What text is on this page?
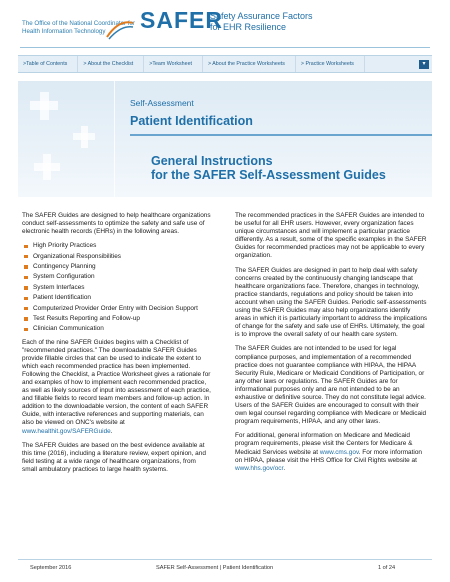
The Office of the National Coordinator for
Health Information Technology	SAFER
Safety Assurance Factors
for EHR Resilience
>Table of Contents	> About the Checklist	>Team Worksheet	> About the Practice Worksheets	> Practice Worksheets	▾
Self-Assessment
Patient Identification
General Instructions
for the SAFER Self-Assessment Guides

The SAFER Guides are designed to help healthcare organizations conduct self-assessments to optimize the safety and safe use of electronic health records (EHRs) in the following areas.

High Priority Practices
Organizational Responsibilities
Contingency Planning
System Configuration
System Interfaces
Patient Identification
Computerized Provider Order Entry with Decision Support
Test Results Reporting and Follow-up
Clinician Communication

Each of the nine SAFER Guides begins with a Checklist of "recommended practices." The downloadable SAFER Guides provide fillable circles that can be used to indicate the extent to which each recommended practice has been implemented. Following the Checklist, a Practice Worksheet gives a rationale for and examples of how to implement each recommended practice, as well as likely sources of input into assessment of each practice, and fillable fields to record team members and follow-up action. In addition to the downloadable version, the content of each SAFER Guide, with interactive references and supporting materials, can also be viewed on ONC's website at www.healthit.gov/SAFERGuide.

The SAFER Guides are based on the best evidence available at this time (2016), including a literature review, expert opinion, and field testing at a wide range of healthcare organizations, from small ambulatory practices to large health systems.

The recommended practices in the SAFER Guides are intended to be useful for all EHR users. However, every organization faces unique circumstances and will implement a particular practice differently. As a result, some of the specific examples in the SAFER Guides for recommended practices may not be applicable to every organization.

The SAFER Guides are designed in part to help deal with safety concerns created by the continuously changing landscape that healthcare organizations face. Therefore, changes in technology, practice standards, regulations and policy should be taken into account when using the SAFER Guides. Periodic self-assessments using the SAFER Guides may also help organizations identify areas in which it is particularly important to address the implications of change for the safety and safe use of EHRs. Ultimately, the goal is to improve the overall safety of our health care system.

The SAFER Guides are not intended to be used for legal compliance purposes, and implementation of a recommended practice does not guarantee compliance with HIPAA, the HIPAA Security Rule, Medicare or Medicaid Conditions of Participation, or any other laws or regulations. The SAFER Guides are for informational purposes only and are not intended to be an exhaustive or definitive source. They do not constitute legal advice. Users of the SAFER Guides are encouraged to consult with their own legal counsel regarding compliance with Medicare or Medicaid program requirements, HIPAA, and any other laws.

For additional, general information on Medicare and Medicaid program requirements, please visit the Centers for Medicare & Medicaid Services website at www.cms.gov. For more information on HIPAA, please visit the HHS Office for Civil Rights website at www.hhs.gov/ocr.

September 2016	SAFER Self-Assessment | Patient Identification	1 of 24
